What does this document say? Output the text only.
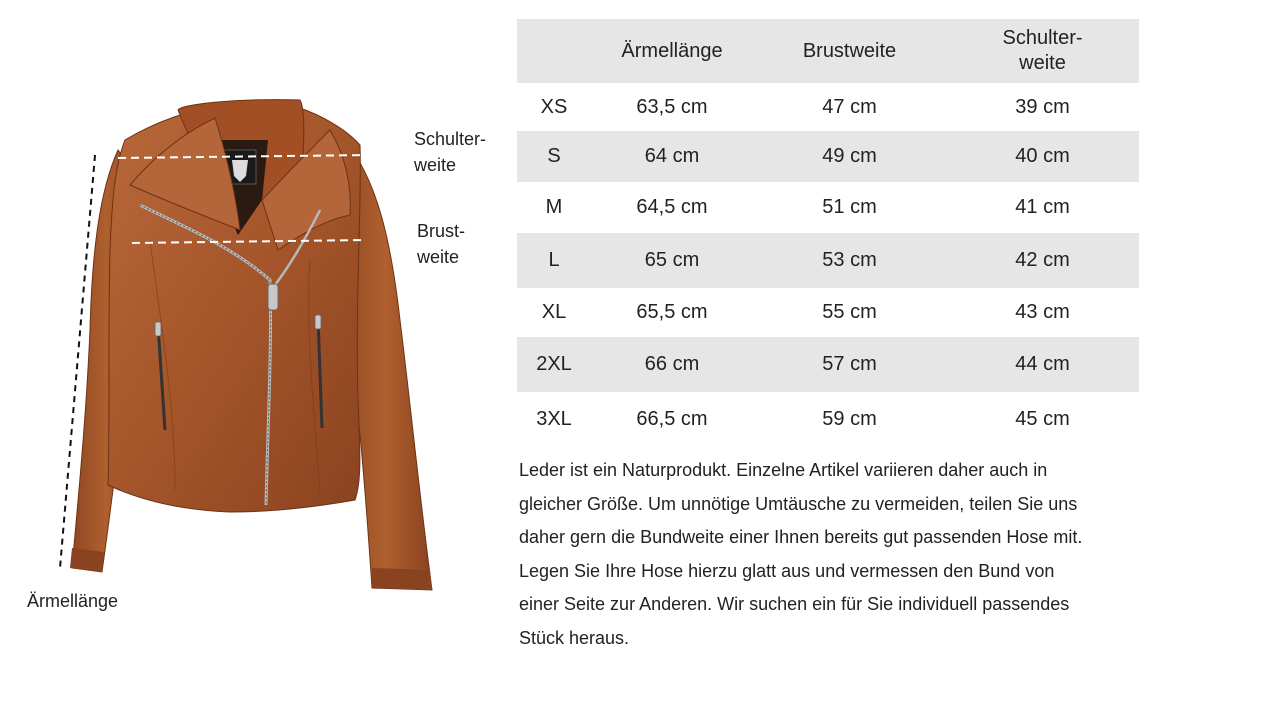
Schulter-
weite
Brust-
weite
Ärmellänge

	Ärmellänge	Brustweite	Schulter-
weite

XS	63,5 cm	47 cm	39 cm
S	64 cm	49 cm	40 cm
M	64,5 cm	51 cm	41 cm
L	65 cm	53 cm	42 cm
XL	65,5 cm	55 cm	43 cm
2XL	66 cm	57 cm	44 cm
3XL	66,5 cm	59 cm	45 cm

Leder ist ein Naturprodukt. Einzelne Artikel variieren daher auch in
gleicher Größe. Um unnötige Umtäusche zu vermeiden, teilen Sie uns
daher gern die Bundweite einer Ihnen bereits gut passenden Hose mit.
Legen Sie Ihre Hose hierzu glatt aus und vermessen den Bund von
einer Seite zur Anderen. Wir suchen ein für Sie individuell passendes
Stück heraus.
